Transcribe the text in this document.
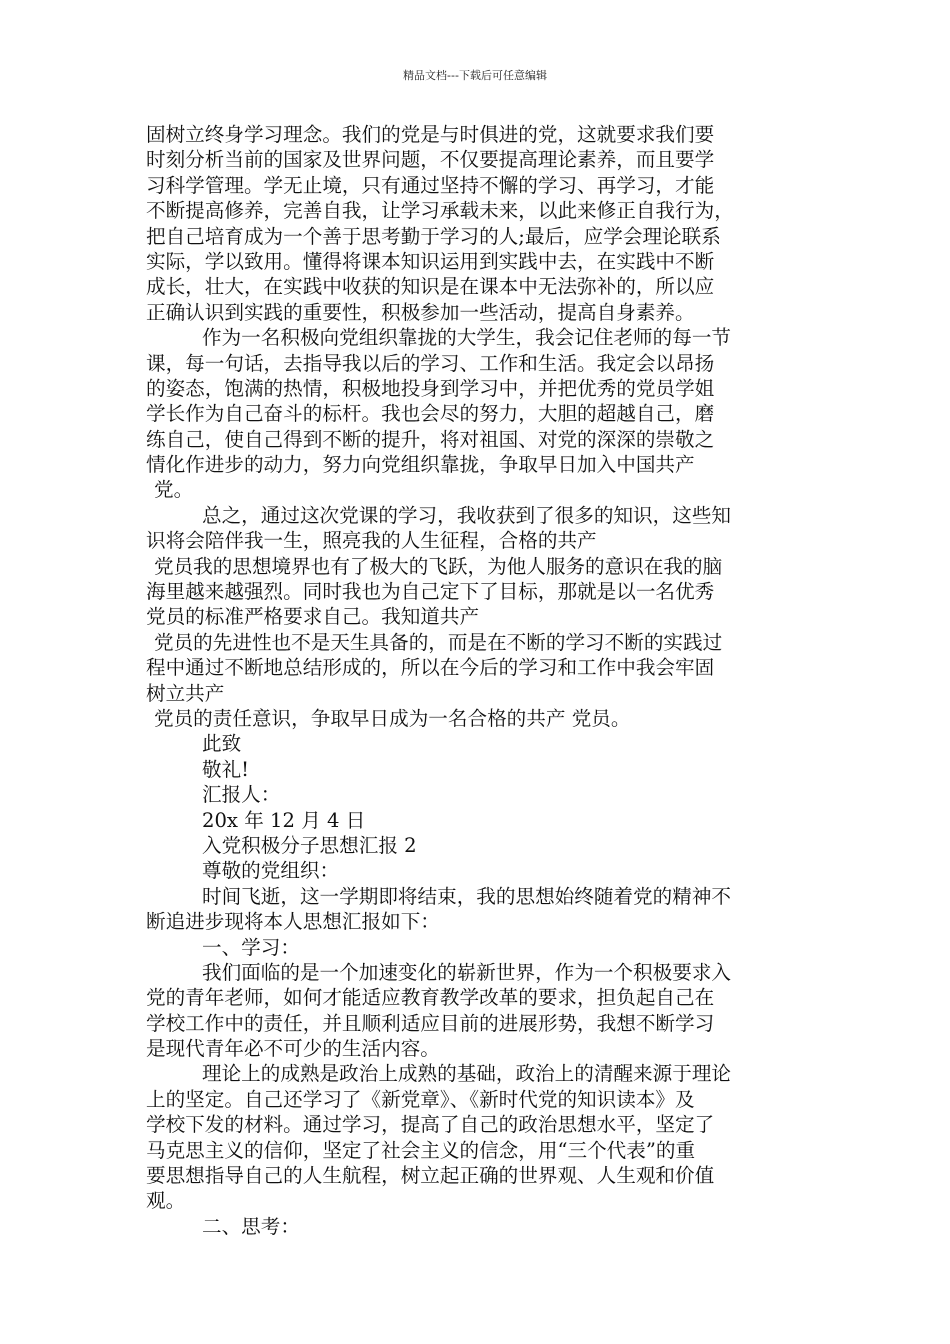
精品文档---下载后可任意编辑
固树立终身学习理念。我们的党是与时俱进的党，这就要求我们要
时刻分析当前的国家及世界问题，不仅要提高理论素养，而且要学
习科学管理。学无止境，只有通过坚持不懈的学习、再学习，才能
不断提高修养，完善自我，让学习承载未来，以此来修正自我行为，
把自己培育成为一个善于思考勤于学习的人;最后，应学会理论联系
实际，学以致用。懂得将课本知识运用到实践中去，在实践中不断
成长，壮大，在实践中收获的知识是在课本中无法弥补的，所以应
正确认识到实践的重要性，积极参加一些活动，提高自身素养。
作为一名积极向党组织靠拢的大学生，我会记住老师的每一节
课，每一句话，去指导我以后的学习、工作和生活。我定会以昂扬
的姿态，饱满的热情，积极地投身到学习中，并把优秀的党员学姐
学长作为自己奋斗的标杆。我也会尽的努力，大胆的超越自己，磨
练自己，使自己得到不断的提升，将对祖国、对党的深深的崇敬之
情化作进步的动力，努力向党组织靠拢，争取早日加入中国共产
党。
总之，通过这次党课的学习，我收获到了很多的知识，这些知
识将会陪伴我一生，照亮我的人生征程，合格的共产
党员我的思想境界也有了极大的飞跃，为他人服务的意识在我的脑
海里越来越强烈。同时我也为自己定下了目标，那就是以一名优秀
党员的标准严格要求自己。我知道共产
党员的先进性也不是天生具备的，而是在不断的学习不断的实践过
程中通过不断地总结形成的，所以在今后的学习和工作中我会牢固
树立共产
党员的责任意识，争取早日成为一名合格的共产 党员。
此致
敬礼!
汇报人：
20x 年 12 月 4 日
入党积极分子思想汇报 2
尊敬的党组织：
时间飞逝，这一学期即将结束，我的思想始终随着党的精神不
断追进步现将本人思想汇报如下：
一、学习：
我们面临的是一个加速变化的崭新世界，作为一个积极要求入
党的青年老师，如何才能适应教育教学改革的要求，担负起自己在
学校工作中的责任，并且顺利适应目前的进展形势，我想不断学习
是现代青年必不可少的生活内容。
理论上的成熟是政治上成熟的基础，政治上的清醒来源于理论
上的坚定。自己还学习了《新党章》、《新时代党的知识读本》及
学校下发的材料。通过学习，提高了自己的政治思想水平，坚定了
马克思主义的信仰，坚定了社会主义的信念，用“三个代表”的重
要思想指导自己的人生航程，树立起正确的世界观、人生观和价值
观。
二、思考：
